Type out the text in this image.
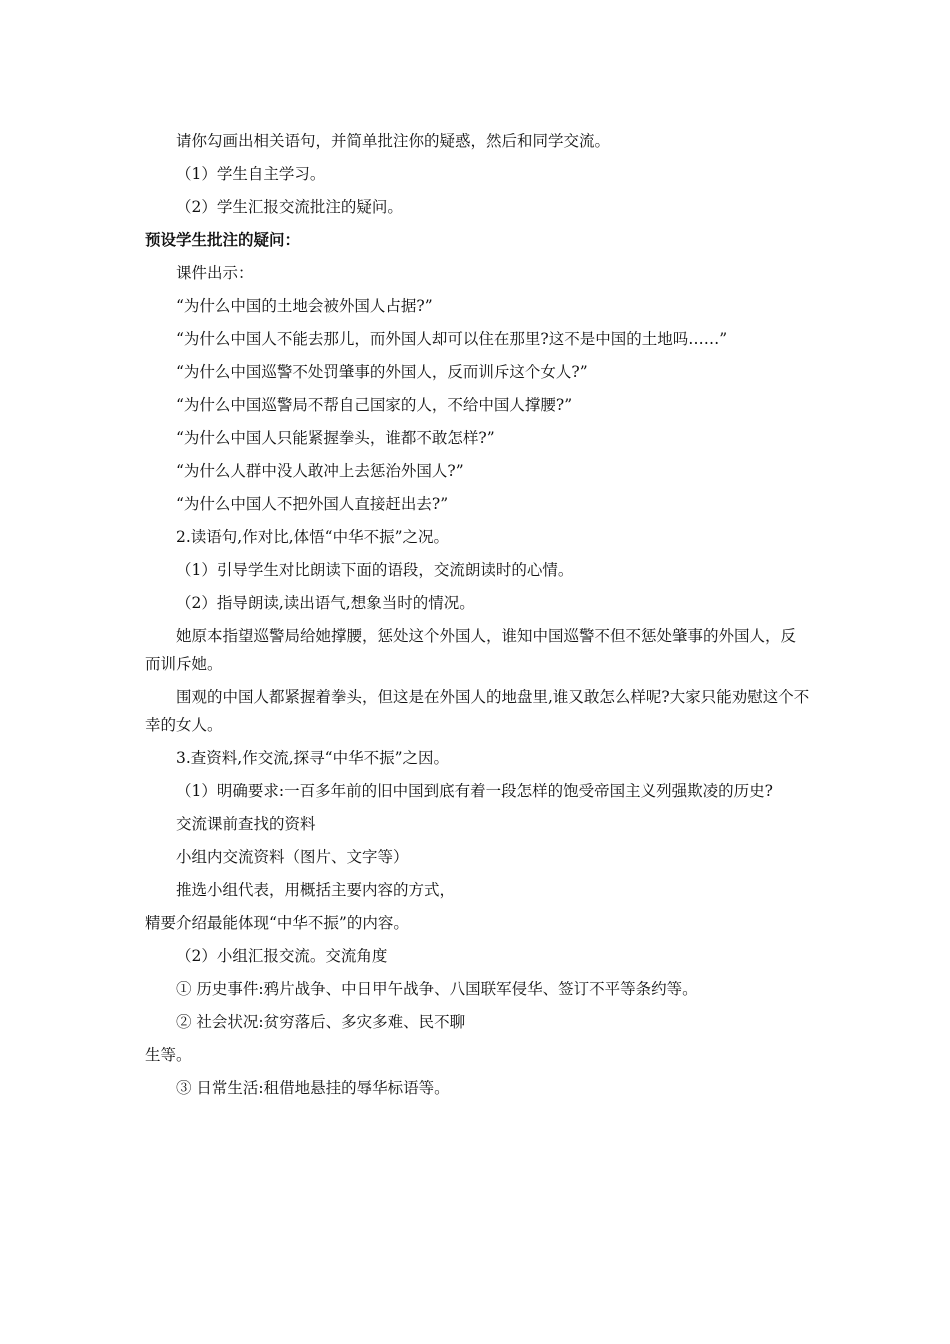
请你勾画出相关语句，并简单批注你的疑惑，然后和同学交流。

（1）学生自主学习。

（2）学生汇报交流批注的疑问。

预设学生批注的疑问：

课件出示：

“为什么中国的土地会被外国人占据?”

“为什么中国人不能去那儿，而外国人却可以住在那里?这不是中国的土地吗……”

“为什么中国巡警不处罚肇事的外国人，反而训斥这个女人?”

“为什么中国巡警局不帮自己国家的人，不给中国人撑腰?”

“为什么中国人只能紧握拳头，谁都不敢怎样?”

“为什么人群中没人敢冲上去惩治外国人?”

“为什么中国人不把外国人直接赶出去?”

2.读语句,作对比,体悟“中华不振”之况。

（1）引导学生对比朗读下面的语段，交流朗读时的心情。

（2）指导朗读,读出语气,想象当时的情况。

她原本指望巡警局给她撑腰，惩处这个外国人，谁知中国巡警不但不惩处肇事的外国人，反而训斥她。

围观的中国人都紧握着拳头，但这是在外国人的地盘里,谁又敢怎么样呢?大家只能劝慰这个不幸的女人。

3.查资料,作交流,探寻“中华不振”之因。

（1）明确要求:一百多年前的旧中国到底有着一段怎样的饱受帝国主义列强欺凌的历史?

交流课前查找的资料

小组内交流资料（图片、文字等）

推选小组代表，用概括主要内容的方式，

精要介绍最能体现“中华不振”的内容。

（2）小组汇报交流。交流角度

① 历史事件:鸦片战争、中日甲午战争、八国联军侵华、签订不平等条约等。

② 社会状况:贫穷落后、多灾多难、民不聊

生等。

③ 日常生活:租借地悬挂的辱华标语等。
